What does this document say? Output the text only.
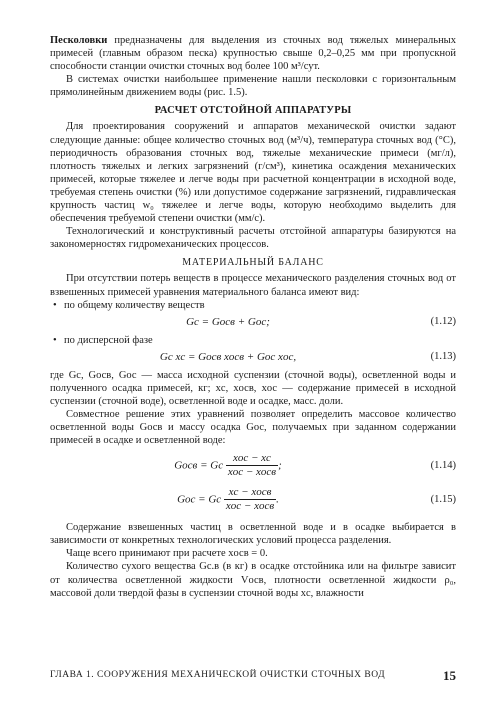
Песколовки предназначены для выделения из сточных вод тяжелых минеральных примесей (главным образом песка) крупностью свыше 0,2–0,25 мм при пропускной способности станции очистки сточных вод более 100 м³/сут.

В системах очистки наибольшее применение нашли песколовки с горизонтальным прямолинейным движением воды (рис. 1.5).

РАСЧЕТ ОТСТОЙНОЙ АППАРАТУРЫ

Для проектирования сооружений и аппаратов механической очистки задают следующие данные: общее количество сточных вод (м³/ч), температура сточных вод (°С), периодичность образования сточных вод, тяжелые механические примеси (мг/л), плотность тяжелых и легких загрязнений (г/см³), кинетика осаждения механических примесей, которые тяжелее и легче воды при расчетной концентрации в исходной воде, требуемая степень очистки (%) или допустимое содержание загрязнений, гидравлическая крупность частиц w₀ тяжелее и легче воды, которую необходимо выделить для обеспечения требуемой степени очистки (мм/с).

Технологический и конструктивный расчеты отстойной аппаратуры базируются на закономерностях гидромеханических процессов.

МАТЕРИАЛЬНЫЙ БАЛАНС

При отсутствии потерь веществ в процессе механического разделения сточных вод от взвешенных примесей уравнения материального баланса имеют вид:

• по общему количеству веществ
Gс = Gосв + Gос;	(1.12)
• по дисперсной фазе
Gс xс = Gосв xосв + Gос xос,	(1.13)

где Gс, Gосв, Gос — масса исходной суспензии (сточной воды), осветленной воды и полученного осадка примесей, кг; xс, xосв, xос — содержание примесей в исходной суспензии (сточной воде), осветленной воде и осадке, масс. доли.

Совместное решение этих уравнений позволяет определить массовое количество осветленной воды Gосв и массу осадка Gос, получаемых при заданном содержании примесей в осадке и осветленной воде:

Gосв = Gс $\frac{\text{xос − xс}}{\text{xос − xосв}}$ ;	(1.14)
Gос = Gс $\frac{\text{xс − xосв}}{\text{xос − xосв}}$ .	(1.15)

Содержание взвешенных частиц в осветленной воде и в осадке выбирается в зависимости от конкретных технологических условий процесса разделения.

Чаще всего принимают при расчете xосв = 0.

Количество сухого вещества Gс.в (в кг) в осадке отстойника или на фильтре зависит от количества осветленной жидкости Vосв, плотности осветленной жидкости ρ₀, массовой доли твердой фазы в суспензии сточной воды xс, влажности

ГЛАВА 1. СООРУЖЕНИЯ МЕХАНИЧЕСКОЙ ОЧИСТКИ СТОЧНЫХ ВОД	15
